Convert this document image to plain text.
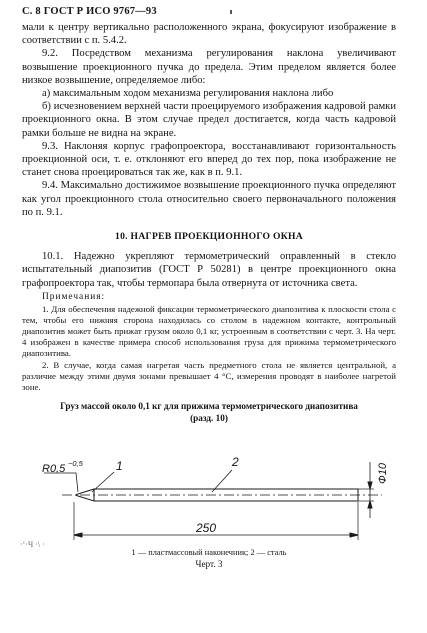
С. 8 ГОСТ Р ИСО 9767—93

мали к центру вертикально расположенного экрана, фокусируют изображение в соответствии с п. 5.4.2.

9.2. Посредством механизма регулирования наклона увеличивают возвышение проекционного пучка до предела. Этим пределом является более низкое возвышение, определяемое либо:

а) максимальным ходом механизма регулирования наклона либо

б) исчезновением верхней части проецируемого изображения кадровой рамки проекционного окна. В этом случае предел достигается, когда часть кадровой рамки больше не видна на экране.

9.3. Наклоняя корпус графопроектора, восстанавливают горизонтальность проекционной оси, т. е. отклоняют его вперед до тех пор, пока изображение не станет снова проецироваться так же, как в п. 9.1.

9.4. Максимально достижимое возвышение проекционного пучка определяют как угол проекционного стола относительно своего первоначального положения по п. 9.1.

10. НАГРЕВ ПРОЕКЦИОННОГО ОКНА

10.1. Надежно укрепляют термометрический оправленный в стекло испытательный диапозитив (ГОСТ Р 50281) в центре проекционного окна графопроектора так, чтобы термопара была отвернута от источника света.

Примечания:

1. Для обеспечения надежной фиксации термометрического диапозитива к плоскости стола с тем, чтобы его нижняя сторона находилась со столом в надежном контакте, контрольный диапозитив может быть прижат грузом около 0,1 кг, устроенным в соответствии с черт. 3. На черт. 4 изображен в качестве примера способ использования груза для прижима термометрического диапозитива.

2. В случае, когда самая нагретая часть предметного стола не является центральной, а различие между этими двумя зонами превышает 4 °С, измерения проводят в наиболее нагретой зоне.

Груз массой около 0,1 кг для прижима термометрического диапозитива (разд. 10)

R0,5 −0,5	1	2
Ф10
250
·‘·Ч ·\ ·
1 — пластмассовый наконечник; 2 — сталь
Черт. 3
